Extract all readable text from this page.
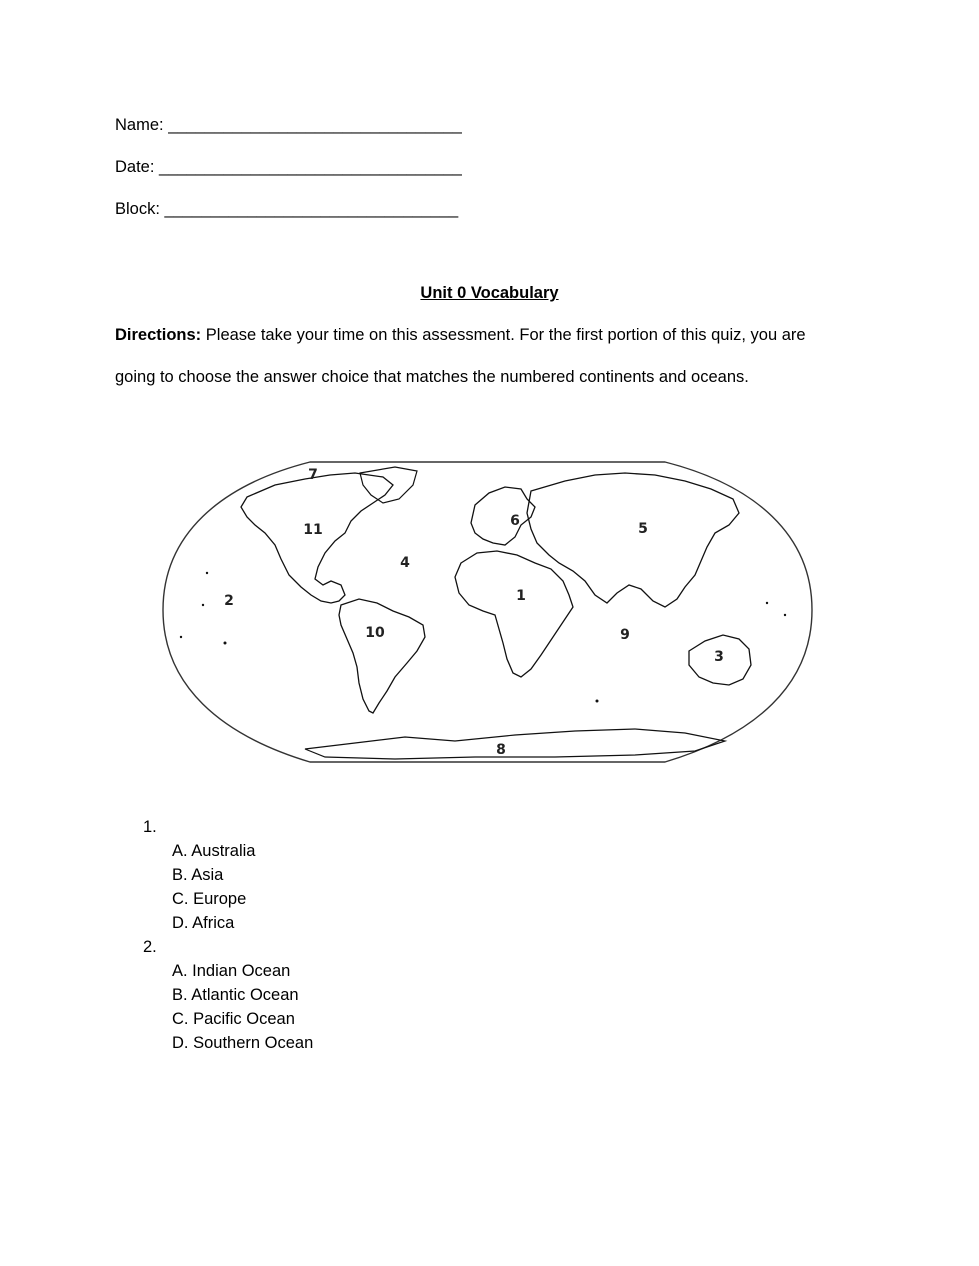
Name: ________________________________
Date: _________________________________
Block: ________________________________
Unit 0 Vocabulary
Directions: Please take your time on this assessment. For the first portion of this quiz, you are
going to choose the answer choice that matches the numbered continents and oceans.
1
2
3
4
5
6
7
8
9
10
11
1.
A. Australia
B. Asia
C. Europe
D. Africa
2.
A. Indian Ocean
B. Atlantic Ocean
C. Pacific Ocean
D. Southern Ocean
